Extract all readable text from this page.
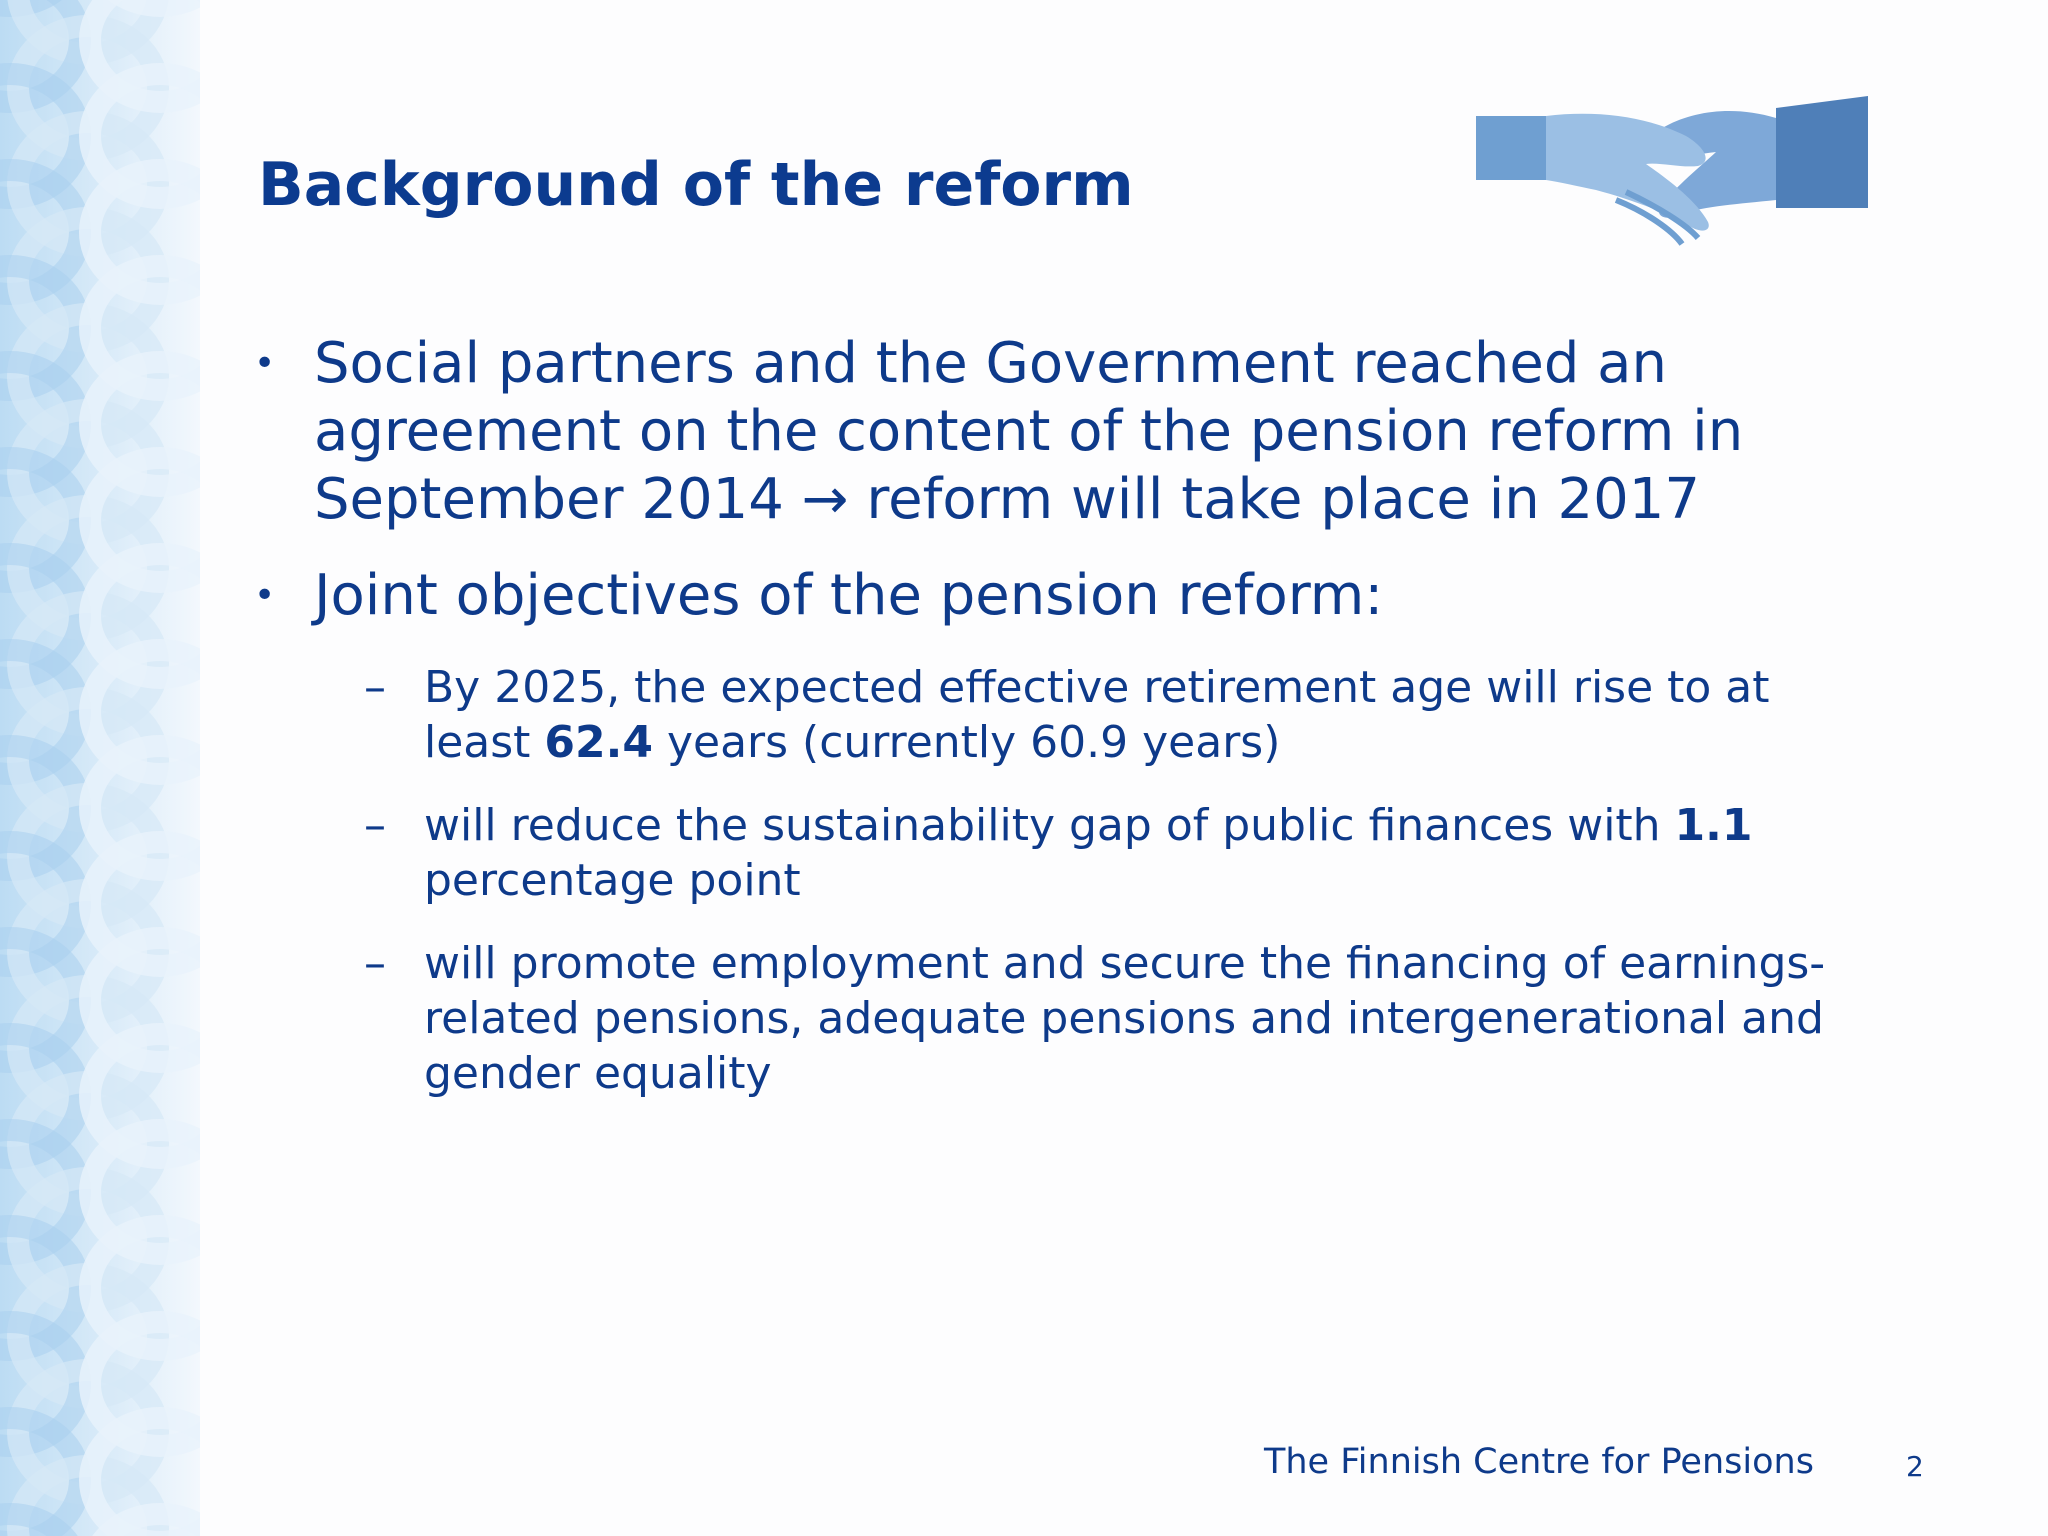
Background of the reform
• Social partners and the Government reached an agreement on the content of the pension reform in September 2014 → reform will take place in 2017
• Joint objectives of the pension reform:
– By 2025, the expected effective retirement age will rise to at least 62.4 years (currently 60.9 years)
– will reduce the sustainability gap of public finances with 1.1 percentage point
– will promote employment and secure the financing of earnings-related pensions, adequate pensions and intergenerational and gender equality
The Finnish Centre for Pensions	2
